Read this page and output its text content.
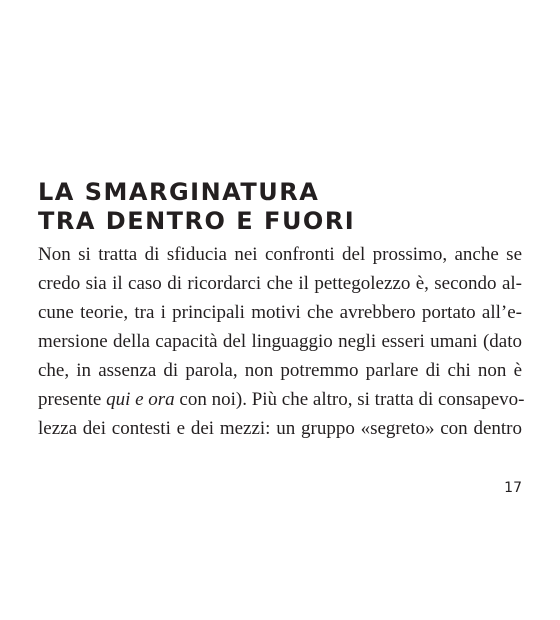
LA SMARGINATURA
TRA DENTRO E FUORI
Non si tratta di sfiducia nei confronti del prossimo, anche se
credo sia il caso di ricordarci che il pettegolezzo è, secondo al-
cune teorie, tra i principali motivi che avrebbero portato all’e-
mersione della capacità del linguaggio negli esseri umani (dato
che, in assenza di parola, non potremmo parlare di chi non è
presente qui e ora con noi). Più che altro, si tratta di consapevo-
lezza dei contesti e dei mezzi: un gruppo «segreto» con dentro
17
